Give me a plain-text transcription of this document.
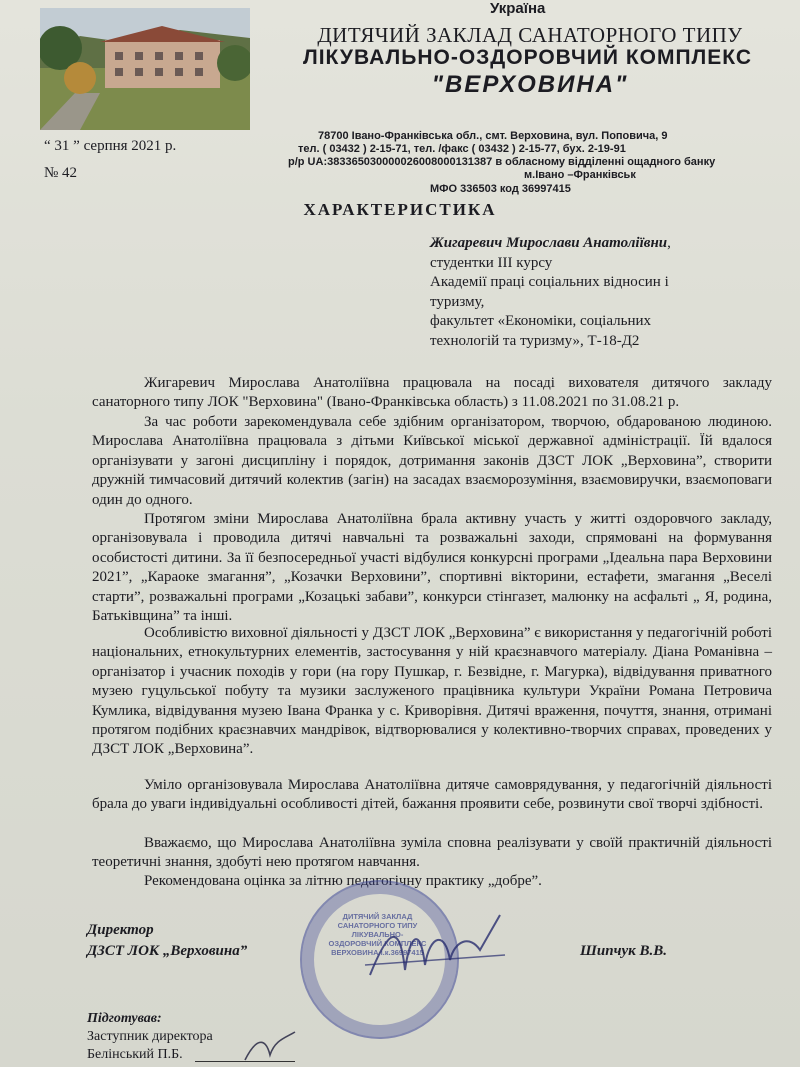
Україна
ДИТЯЧИЙ ЗАКЛАД САНАТОРНОГО ТИПУ
ЛІКУВАЛЬНО-ОЗДОРОВЧИЙ КОМПЛЕКС
"ВЕРХОВИНА"
78700 Івано-Франківська обл., смт. Верховина, вул. Поповича, 9
тел. ( 03432 ) 2-15-71, тел. /факс ( 03432 ) 2-15-77, бух. 2-19-91
р/р UA:383365030000026008000131387 в обласному відділенні ощадного банку
м.Івано –Франківськ
МФО 336503 код 36997415
“ 31 ” серпня 2021 р.
№ 42
ХАРАКТЕРИСТИКА
Жигаревич Мирослави Анатоліївни,
студентки ІІІ курсу
Академії праці соціальних відносин і
туризму,
факультет «Економіки, соціальних
технологій та туризму», Т-18-Д2
Жигаревич Мирослава Анатоліївна працювала на посаді вихователя дитячого закладу санаторного типу ЛОК "Верховина" (Івано-Франківська область) з 11.08.2021 по 31.08.21 р.
За час роботи зарекомендувала себе здібним організатором, творчою, обдарованою людиною. Мирослава Анатоліївна працювала з дітьми Київської міської державної адміністрації. Їй вдалося організувати у загоні дисципліну і порядок, дотримання законів ДЗСТ ЛОК „Верховина”, створити дружній тимчасовий дитячий колектив (загін) на засадах взаєморозуміння, взаємовиручки, взаємоповаги один до одного.
Протягом зміни Мирослава Анатоліївна брала активну участь у житті оздоровчого закладу, організовувала і проводила дитячі навчальні та розважальні заходи, спрямовані на формування особистості дитини. За її безпосередньої участі відбулися конкурсні програми „Ідеальна пара Верховини 2021”, „Караоке змагання”, „Козачки Верховини”, спортивні вікторини, естафети, змагання „Веселі старти”, розважальні програми „Козацькі забави”, конкурси стінгазет, малюнку на асфальті „ Я, родина, Батьківщина” та інші.
Особливістю виховної діяльності у ДЗСТ ЛОК „Верховина” є використання у педагогічній роботі національних, етнокультурних елементів, застосування у ній краєзнавчого матеріалу. Діана Романівна – організатор і учасник походів у гори (на гору Пушкар, г. Безвідне, г. Магурка), відвідування приватного музею гуцульської побуту та музики заслуженого працівника культури України Романа Петровича Кумлика, відвідування музею Івана Франка у с. Криворівня. Дитячі враження, почуття, знання, отримані протягом подібних краєзнавчих мандрівок, відтворювалися у колективно-творчих справах, проведених у ДЗСТ ЛОК „Верховина”.
Уміло організовувала Мирослава Анатоліївна дитяче самоврядування, у педагогічній діяльності брала до уваги індивідуальні особливості дітей, бажання проявити себе, розвинути свої творчі здібності.
Вважаємо, що Мирослава Анатоліївна зуміла сповна реалізувати у своїй практичній діяльності теоретичні знання, здобуті нею протягом навчання.
Рекомендована оцінка за літню педагогічну практику „добре”.
ДИТЯЧИЙ ЗАКЛАД САНАТОРНОГО ТИПУ ЛІКУВАЛЬНО- ОЗДОРОВЧИЙ КОМПЛЕКС ВЕРХОВИНА і.к.36997415
Директор
ДЗСТ ЛОК „Верховина”	Шипчук В.В.
Підготував:
Заступник директора
Белінський П.Б.
